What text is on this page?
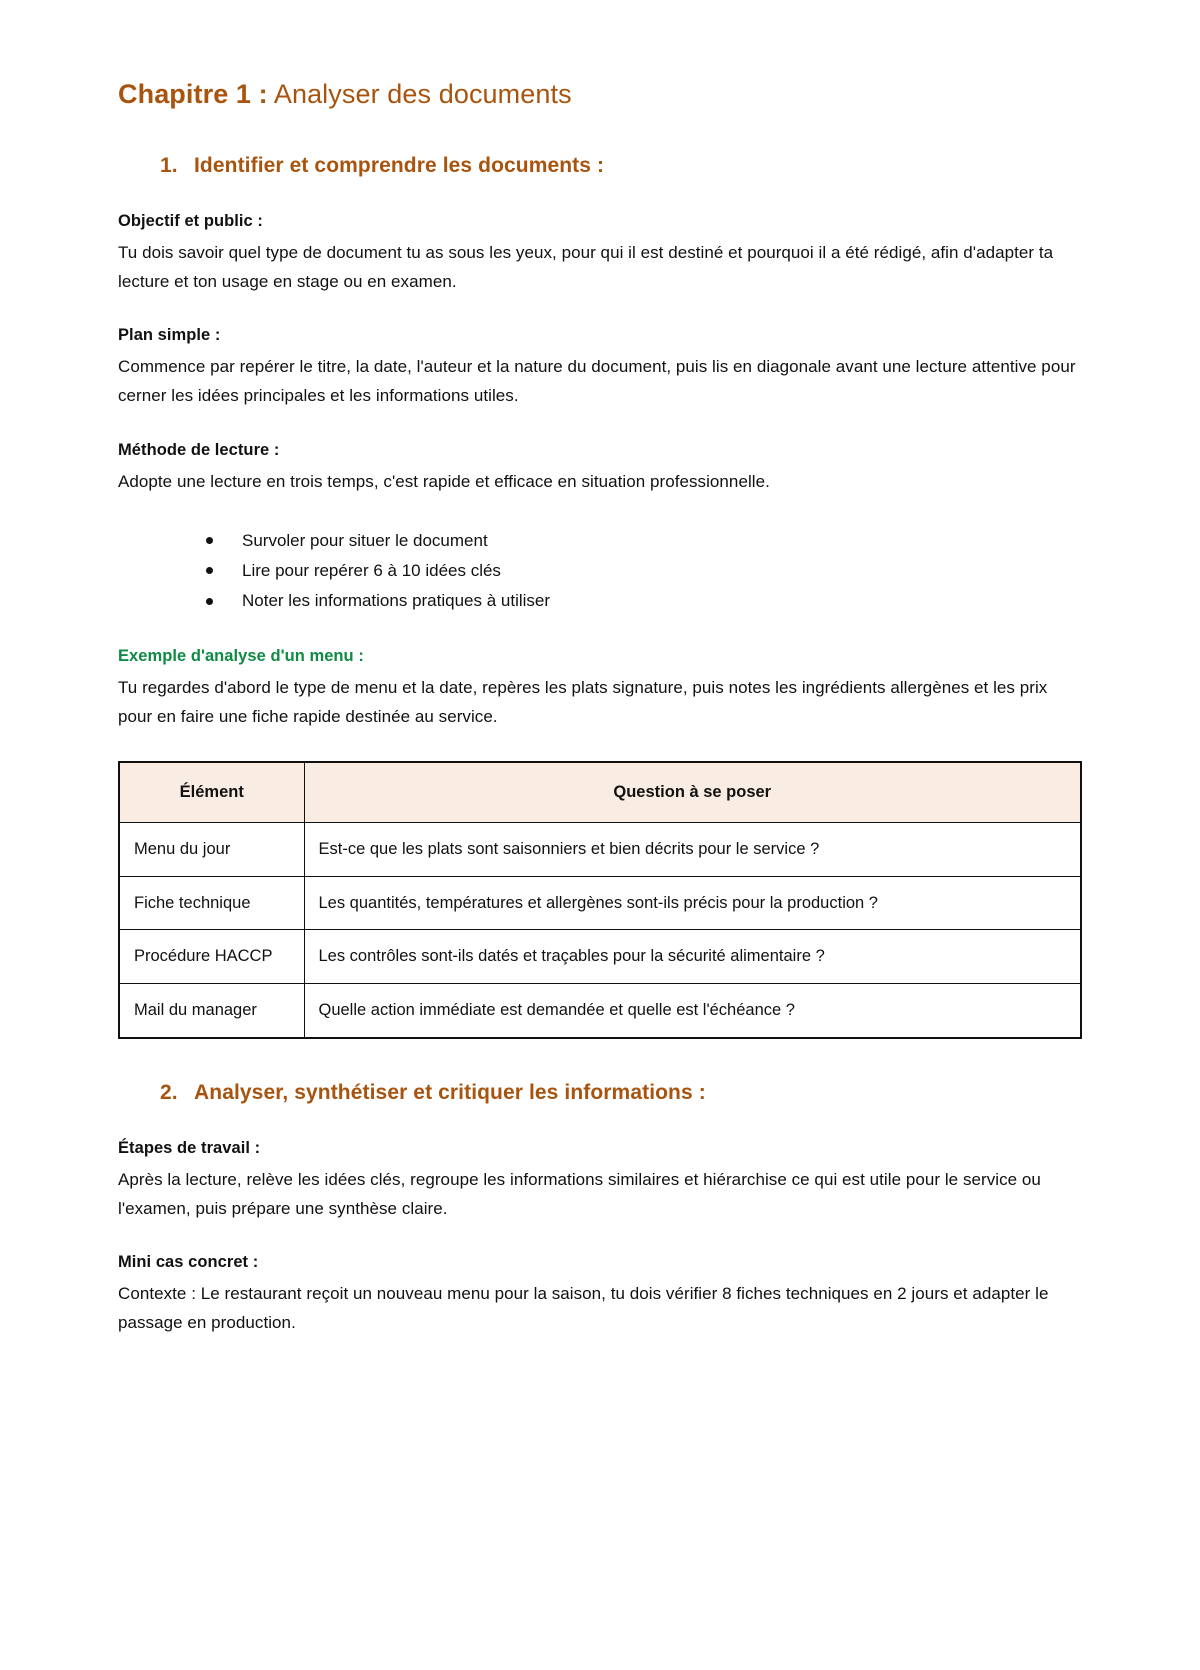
Chapitre 1 : Analyser des documents
1. Identifier et comprendre les documents :
Objectif et public :

Tu dois savoir quel type de document tu as sous les yeux, pour qui il est destiné et pourquoi il a été rédigé, afin d'adapter ta lecture et ton usage en stage ou en examen.

Plan simple :

Commence par repérer le titre, la date, l'auteur et la nature du document, puis lis en diagonale avant une lecture attentive pour cerner les idées principales et les informations utiles.

Méthode de lecture :

Adopte une lecture en trois temps, c'est rapide et efficace en situation professionnelle.

Survoler pour situer le document
Lire pour repérer 6 à 10 idées clés
Noter les informations pratiques à utiliser
Exemple d'analyse d'un menu :

Tu regardes d'abord le type de menu et la date, repères les plats signature, puis notes les ingrédients allergènes et les prix pour en faire une fiche rapide destinée au service.

Élément	Question à se poser
Menu du jour	Est-ce que les plats sont saisonniers et bien décrits pour le service ?
Fiche technique	Les quantités, températures et allergènes sont-ils précis pour la production ?
Procédure HACCP	Les contrôles sont-ils datés et traçables pour la sécurité alimentaire ?
Mail du manager	Quelle action immédiate est demandée et quelle est l'échéance ?
2. Analyser, synthétiser et critiquer les informations :
Étapes de travail :

Après la lecture, relève les idées clés, regroupe les informations similaires et hiérarchise ce qui est utile pour le service ou l'examen, puis prépare une synthèse claire.

Mini cas concret :

Contexte : Le restaurant reçoit un nouveau menu pour la saison, tu dois vérifier 8 fiches techniques en 2 jours et adapter le passage en production.
